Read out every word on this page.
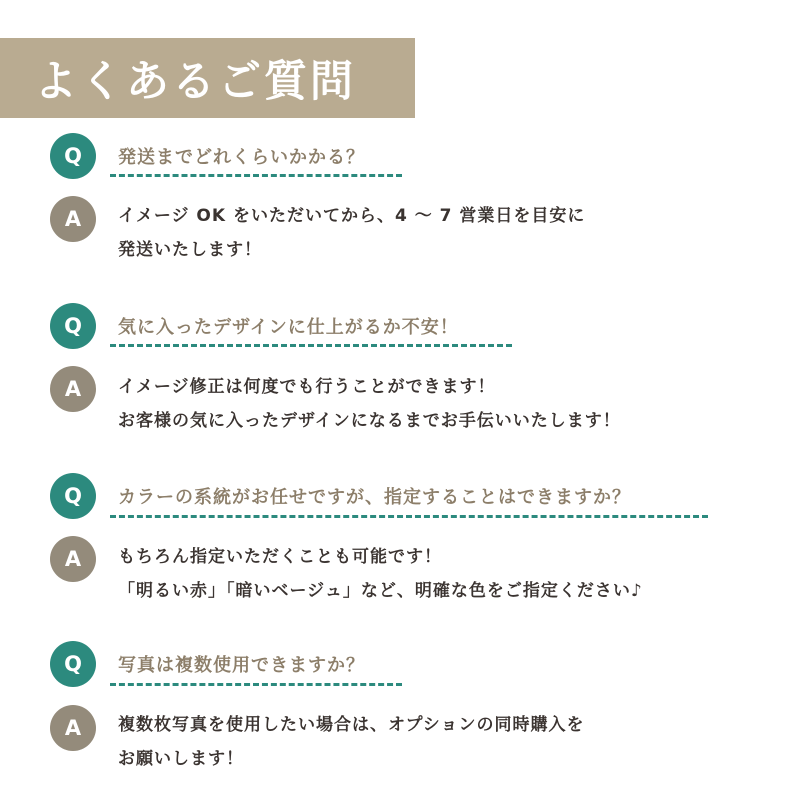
よくあるご質問
Q	発送までどれくらいかかる？
A	イメージ OK をいただいてから、4 〜 7 営業日を目安に
発送いたします！
Q	気に入ったデザインに仕上がるか不安！
A	イメージ修正は何度でも行うことができます！
お客様の気に入ったデザインになるまでお手伝いいたします！
Q	カラーの系統がお任せですが、指定することはできますか？
A	もちろん指定いただくことも可能です！
「明るい赤」「暗いベージュ」など、明確な色をご指定ください♪
Q	写真は複数使用できますか？
A	複数枚写真を使用したい場合は、オプションの同時購入を
お願いします！
